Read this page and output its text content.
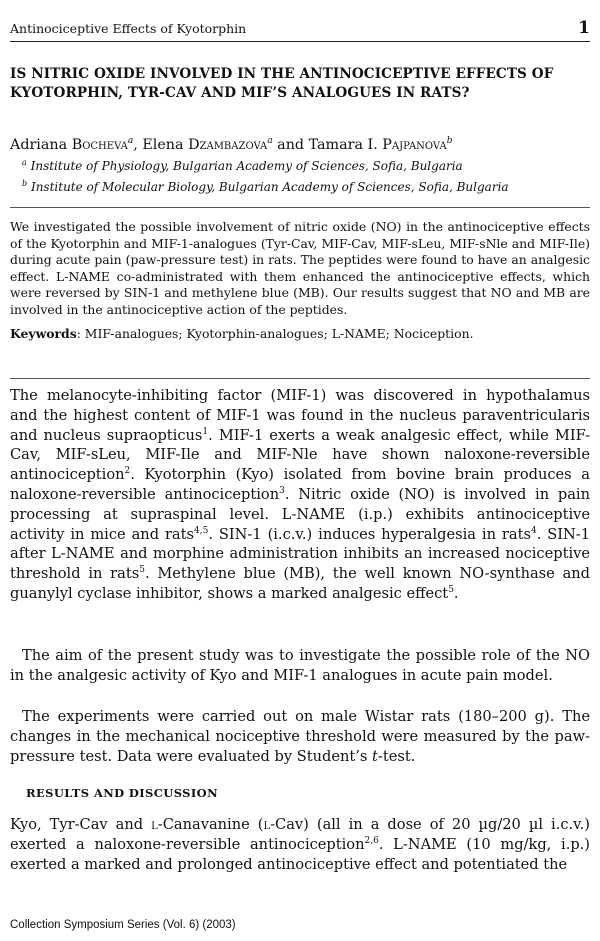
Antinociceptive Effects of Kyotorphin	1
IS NITRIC OXIDE INVOLVED IN THE ANTINOCICEPTIVE EFFECTS OF KYOTORPHIN, TYR-CAV AND MIF’S ANALOGUES IN RATS?
Adriana Bocheva$^a$, Elena Dzambazova$^a$ and Tamara I. Pajpanova$^b$
$^a$ Institute of Physiology, Bulgarian Academy of Sciences, Sofia, Bulgaria
$^b$ Institute of Molecular Biology, Bulgarian Academy of Sciences, Sofia, Bulgaria
We investigated the possible involvement of nitric oxide (NO) in the antinociceptive effects of the Kyotorphin and MIF-1-analogues (Tyr-Cav, MIF-Cav, MIF-sLeu, MIF-sNle and MIF-Ile) during acute pain (paw-pressure test) in rats. The peptides were found to have an analgesic effect. L-NAME co-administrated with them enhanced the antinociceptive effects, which were reversed by SIN-1 and methylene blue (MB). Our results suggest that NO and MB are involved in the antinociceptive action of the peptides.
Keywords: MIF-analogues; Kyotorphin-analogues; L-NAME; Nociception.
The melanocyte-inhibiting factor (MIF-1) was discovered in hypothalamus and the highest content of MIF-1 was found in the nucleus paraventricularis and nucleus supraopticus$^1$. MIF-1 exerts a weak analgesic effect, while MIF-Cav, MIF-sLeu, MIF-Ile and MIF-Nle have shown naloxone-reversible antinociception$^2$. Kyotorphin (Kyo) isolated from bovine brain produces a naloxone-reversible antinociception$^3$. Nitric oxide (NO) is involved in pain processing at supraspinal level. L-NAME (i.p.) exhibits antinociceptive activity in mice and rats$^{4,5}$. SIN-1 (i.c.v.) induces hyperalgesia in rats$^4$. SIN-1 after L-NAME and morphine administration inhibits an increased nociceptive threshold in rats$^5$. Methylene blue (MB), the well known NO-synthase and guanylyl cyclase inhibitor, shows a marked analgesic effect$^5$.
The aim of the present study was to investigate the possible role of the NO in the analgesic activity of Kyo and MIF-1 analogues in acute pain model.
The experiments were carried out on male Wistar rats (180–200 g). The changes in the mechanical nociceptive threshold were measured by the paw-pressure test. Data were evaluated by Student’s t-test.
RESULTS AND DISCUSSION
Kyo, Tyr-Cav and l-Canavanine (l-Cav) (all in a dose of 20 µg/20 µl i.c.v.) exerted a naloxone-reversible antinociception$^{2,6}$. L-NAME (10 mg/kg, i.p.) exerted a marked and prolonged antinociceptive effect and potentiated the
Collection Symposium Series (Vol. 6) (2003)
